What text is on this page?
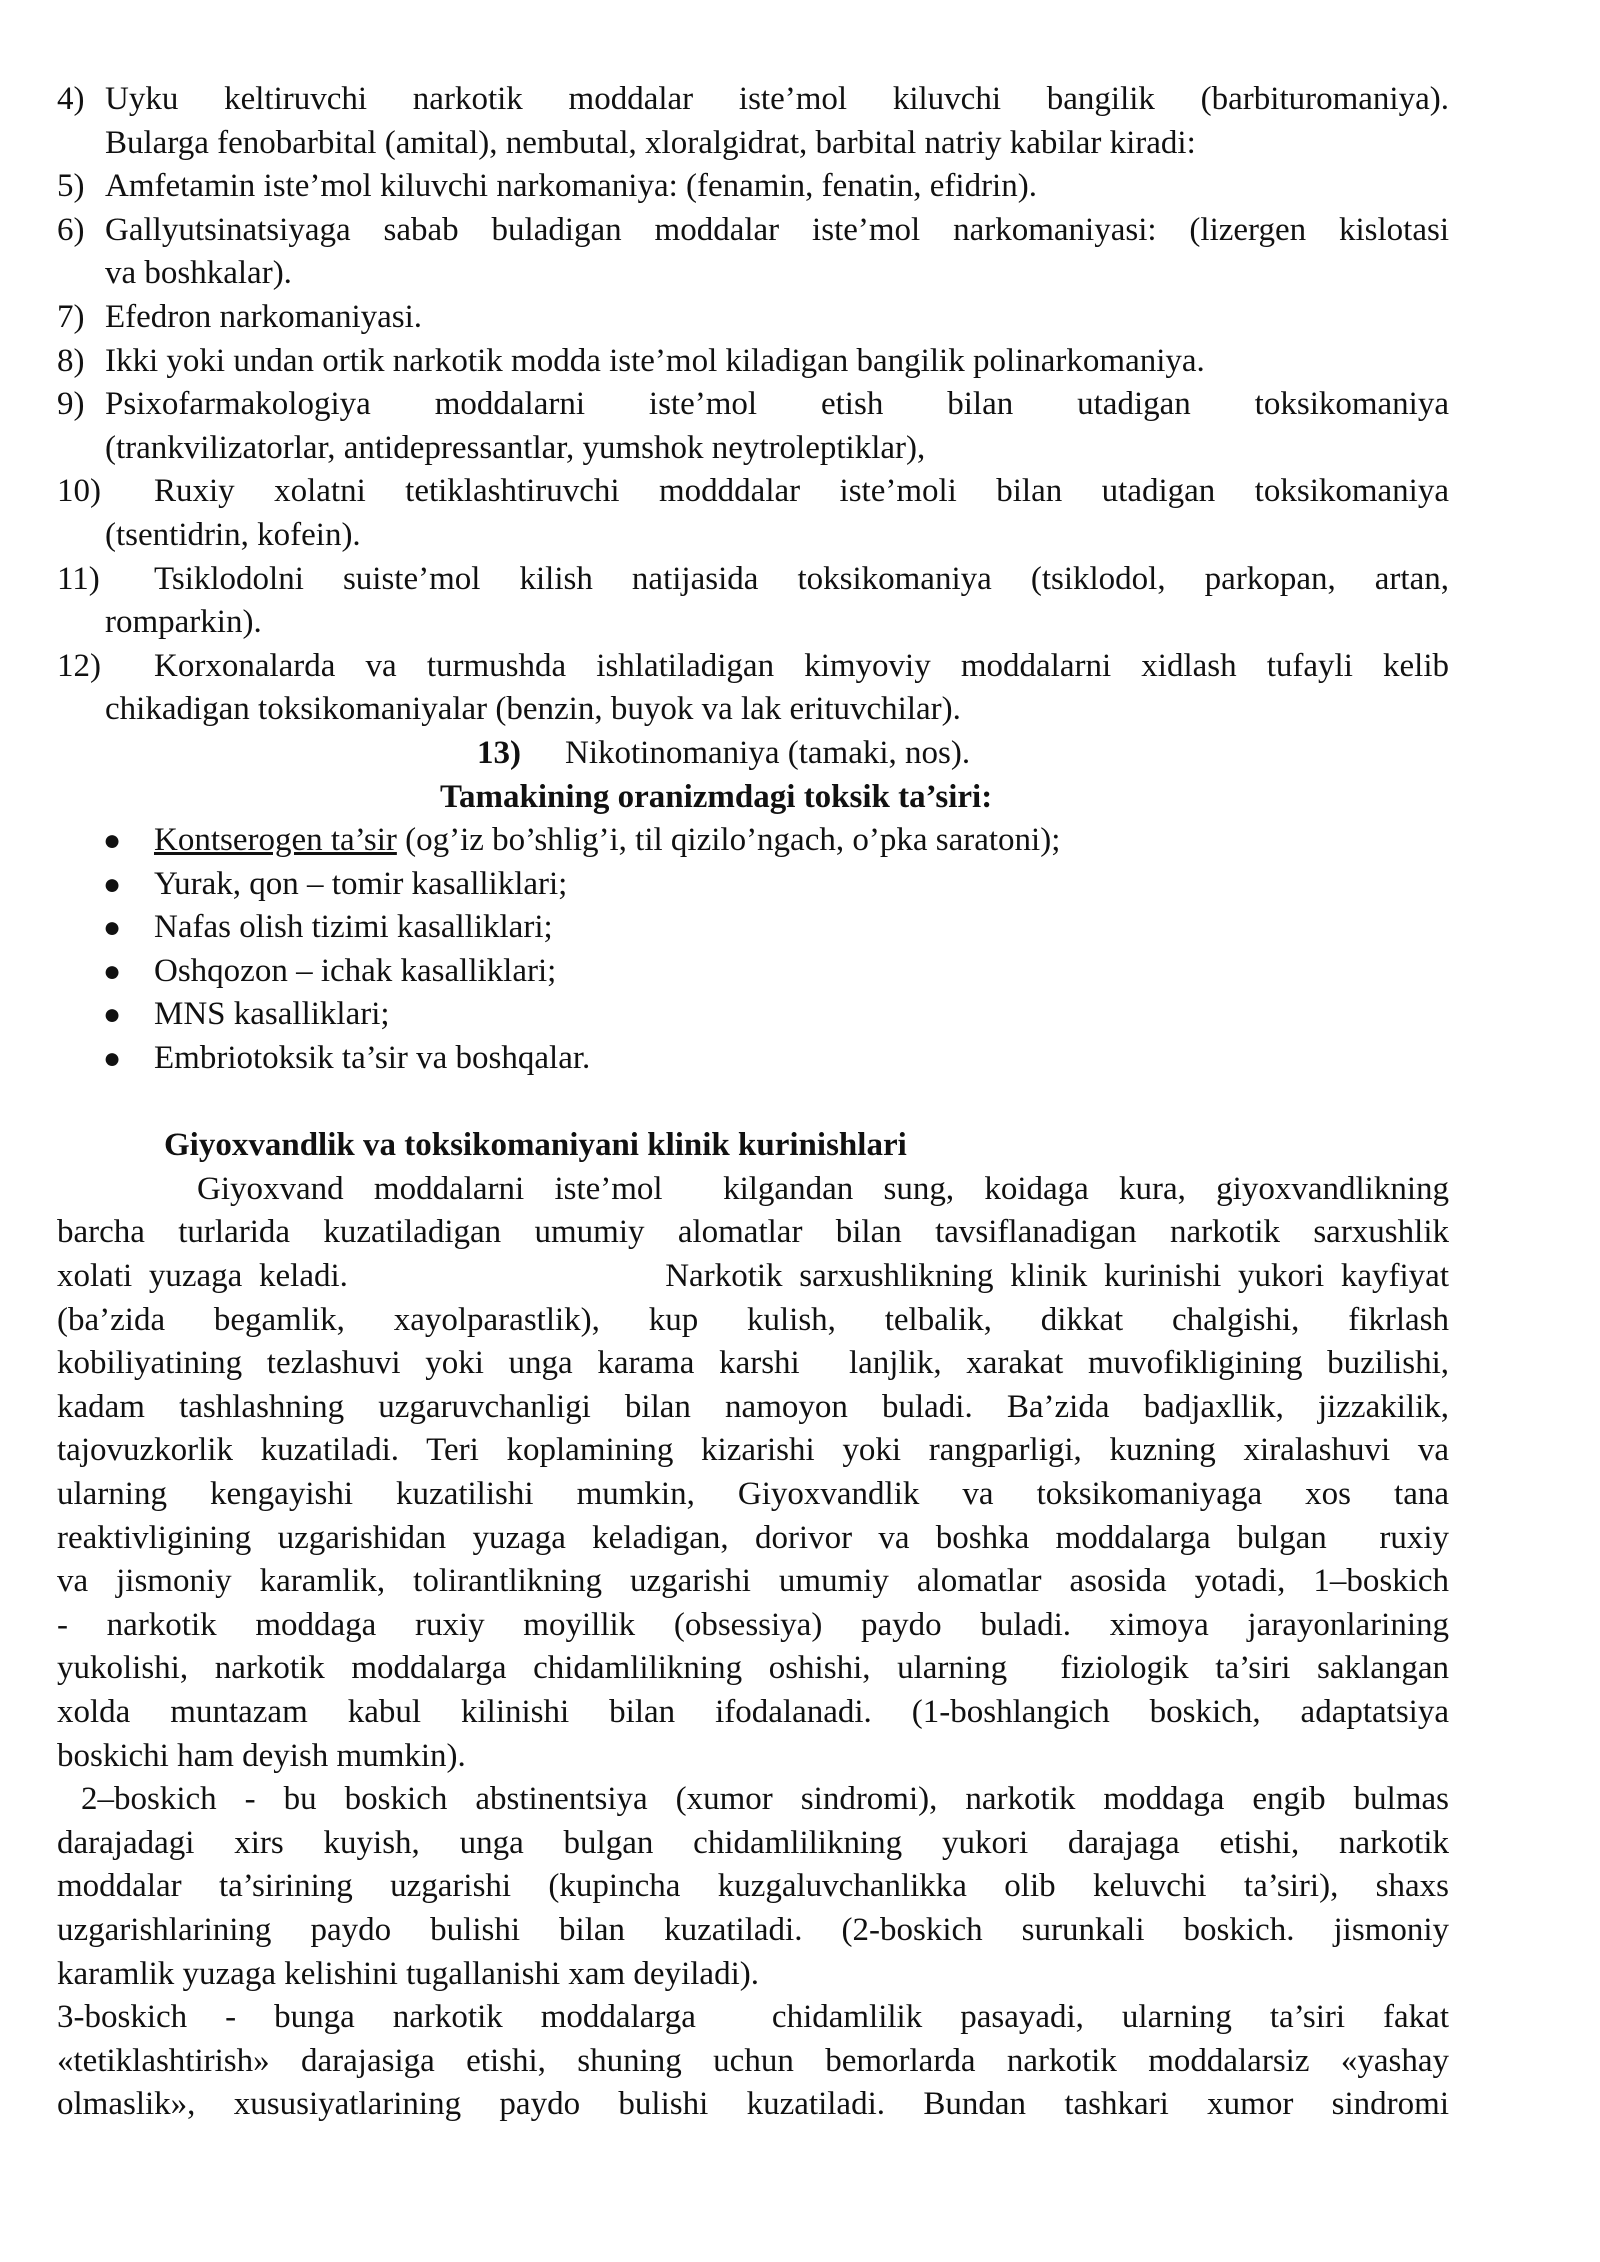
4) Uyku keltiruvchi narkotik moddalar iste’mol kiluvchi bangilik (barbituromaniya).
Bularga fenobarbital (amital), nembutal, xloralgidrat, barbital natriy kabilar kiradi:
5) Amfetamin iste’mol kiluvchi narkomaniya: (fenamin, fenatin, efidrin).
6) Gallyutsinatsiyaga sabab buladigan moddalar iste’mol narkomaniyasi: (lizergen kislotasi
va boshkalar).
7) Efedron narkomaniyasi.
8) Ikki yoki undan ortik narkotik modda iste’mol kiladigan bangilik polinarkomaniya.
9) Psixofarmakologiya moddalarni iste’mol etish bilan utadigan toksikomaniya
(trankvilizatorlar, antidepressantlar, yumshok neytroleptiklar),
10)	Ruxiy xolatni tetiklashtiruvchi modddalar iste’moli bilan utadigan toksikomaniya
(tsentidrin, kofein).
11)	Tsiklodolni suiste’mol kilish natijasida toksikomaniya (tsiklodol, parkopan, artan,
romparkin).
12)	Korxonalarda va turmushda ishlatiladigan kimyoviy moddalarni xidlash tufayli kelib
chikadigan toksikomaniyalar (benzin, buyok va lak erituvchilar).
13) Nikotinomaniya (tamaki, nos).
Tamakining oranizmdagi toksik ta’siri:
● Kontserogen ta’sir (og’iz bo’shlig’i, til qizilo’ngach, o’pka saratoni);
● Yurak, qon – tomir kasalliklari;
● Nafas olish tizimi kasalliklari;
● Oshqozon – ichak kasalliklari;
● MNS kasalliklari;
● Embriotoksik ta’sir va boshqalar.
Giyoxvandlik va toksikomaniyani klinik kurinishlari
Giyoxvand moddalarni iste’mol  kilgandan sung, koidaga kura, giyoxvandlikning
barcha turlarida kuzatiladigan umumiy alomatlar bilan tavsiflanadigan narkotik sarxushlik
xolati yuzaga keladi.                   Narkotik sarxushlikning klinik kurinishi yukori kayfiyat
(ba’zida begamlik, xayolparastlik), kup kulish, telbalik, dikkat chalgishi, fikrlash
kobiliyatining tezlashuvi yoki unga karama karshi  lanjlik, xarakat muvofikligining buzilishi,
kadam tashlashning uzgaruvchanligi bilan namoyon buladi. Ba’zida badjaxllik, jizzakilik,
tajovuzkorlik kuzatiladi. Teri koplamining kizarishi yoki rangparligi, kuzning xiralashuvi va
ularning kengayishi kuzatilishi mumkin, Giyoxvandlik va toksikomaniyaga xos tana
reaktivligining uzgarishidan yuzaga keladigan, dorivor va boshka moddalarga bulgan  ruxiy
va jismoniy karamlik, tolirantlikning uzgarishi umumiy alomatlar asosida yotadi, 1–boskich
- narkotik moddaga ruxiy moyillik (obsessiya) paydo buladi. ximoya jarayonlarining
yukolishi, narkotik moddalarga chidamlilikning oshishi, ularning  fiziologik ta’siri saklangan
xolda muntazam kabul kilinishi bilan ifodalanadi. (1-boshlangich boskich, adaptatsiya
boskichi ham deyish mumkin).
2–boskich - bu boskich abstinentsiya (xumor sindromi), narkotik moddaga engib bulmas
darajadagi xirs kuyish, unga bulgan chidamlilikning yukori darajaga etishi, narkotik
moddalar ta’sirining uzgarishi (kupincha kuzgaluvchanlikka olib keluvchi ta’siri), shaxs
uzgarishlarining paydo bulishi bilan kuzatiladi. (2-boskich surunkali boskich. jismoniy
karamlik yuzaga kelishini tugallanishi xam deyiladi).
3-boskich - bunga narkotik moddalarga  chidamlilik pasayadi, ularning ta’siri fakat
«tetiklashtirish» darajasiga etishi, shuning uchun bemorlarda narkotik moddalarsiz «yashay
olmaslik», xususiyatlarining paydo bulishi kuzatiladi. Bundan tashkari xumor sindromi
